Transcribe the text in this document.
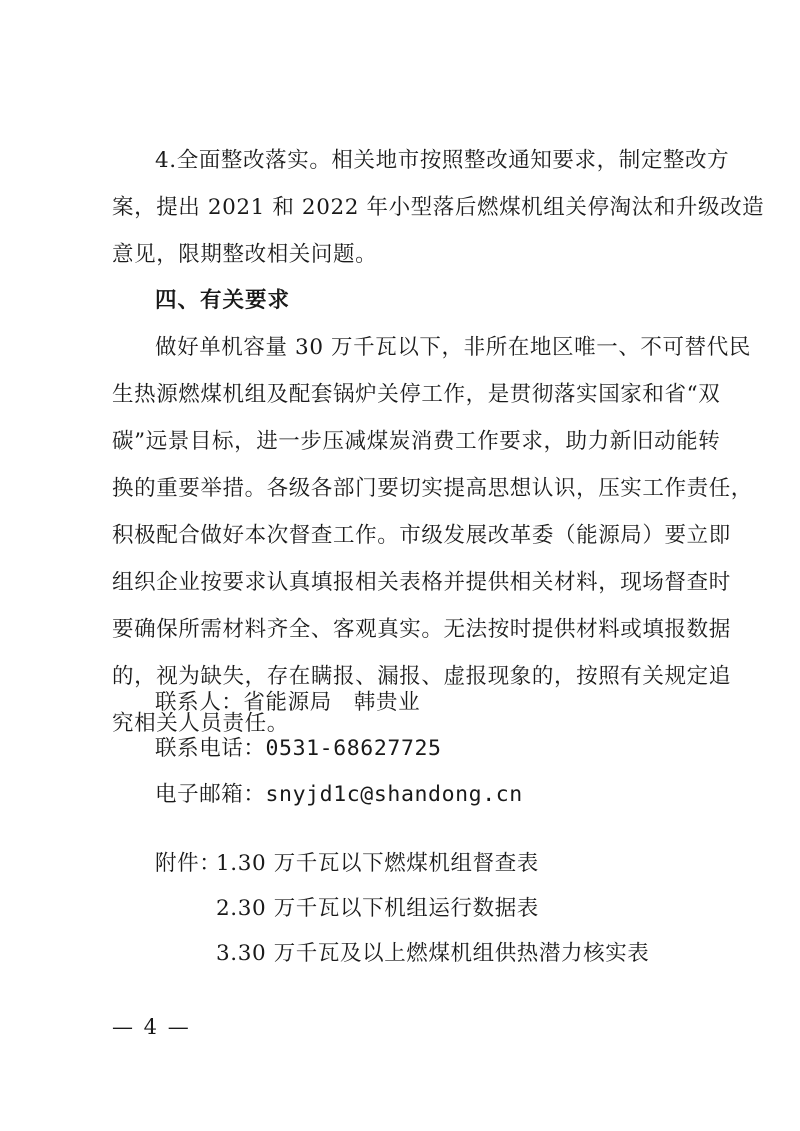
4.全面整改落实。相关地市按照整改通知要求，制定整改方
案，提出 2021 和 2022 年小型落后燃煤机组关停淘汰和升级改造
意见，限期整改相关问题。
四、有关要求
做好单机容量 30 万千瓦以下，非所在地区唯一、不可替代民
生热源燃煤机组及配套锅炉关停工作，是贯彻落实国家和省“双
碳”远景目标，进一步压减煤炭消费工作要求，助力新旧动能转
换的重要举措。各级各部门要切实提高思想认识，压实工作责任，
积极配合做好本次督查工作。市级发展改革委（能源局）要立即
组织企业按要求认真填报相关表格并提供相关材料，现场督查时
要确保所需材料齐全、客观真实。无法按时提供材料或填报数据
的，视为缺失，存在瞒报、漏报、虚报现象的，按照有关规定追
究相关人员责任。
联系人：省能源局　韩贵业
联系电话：0531-68627725
电子邮箱：snyjd1c@shandong.cn
附件：
1.30 万千瓦以下燃煤机组督查表
2.30 万千瓦以下机组运行数据表
3.30 万千瓦及以上燃煤机组供热潜力核实表
— 4 —
